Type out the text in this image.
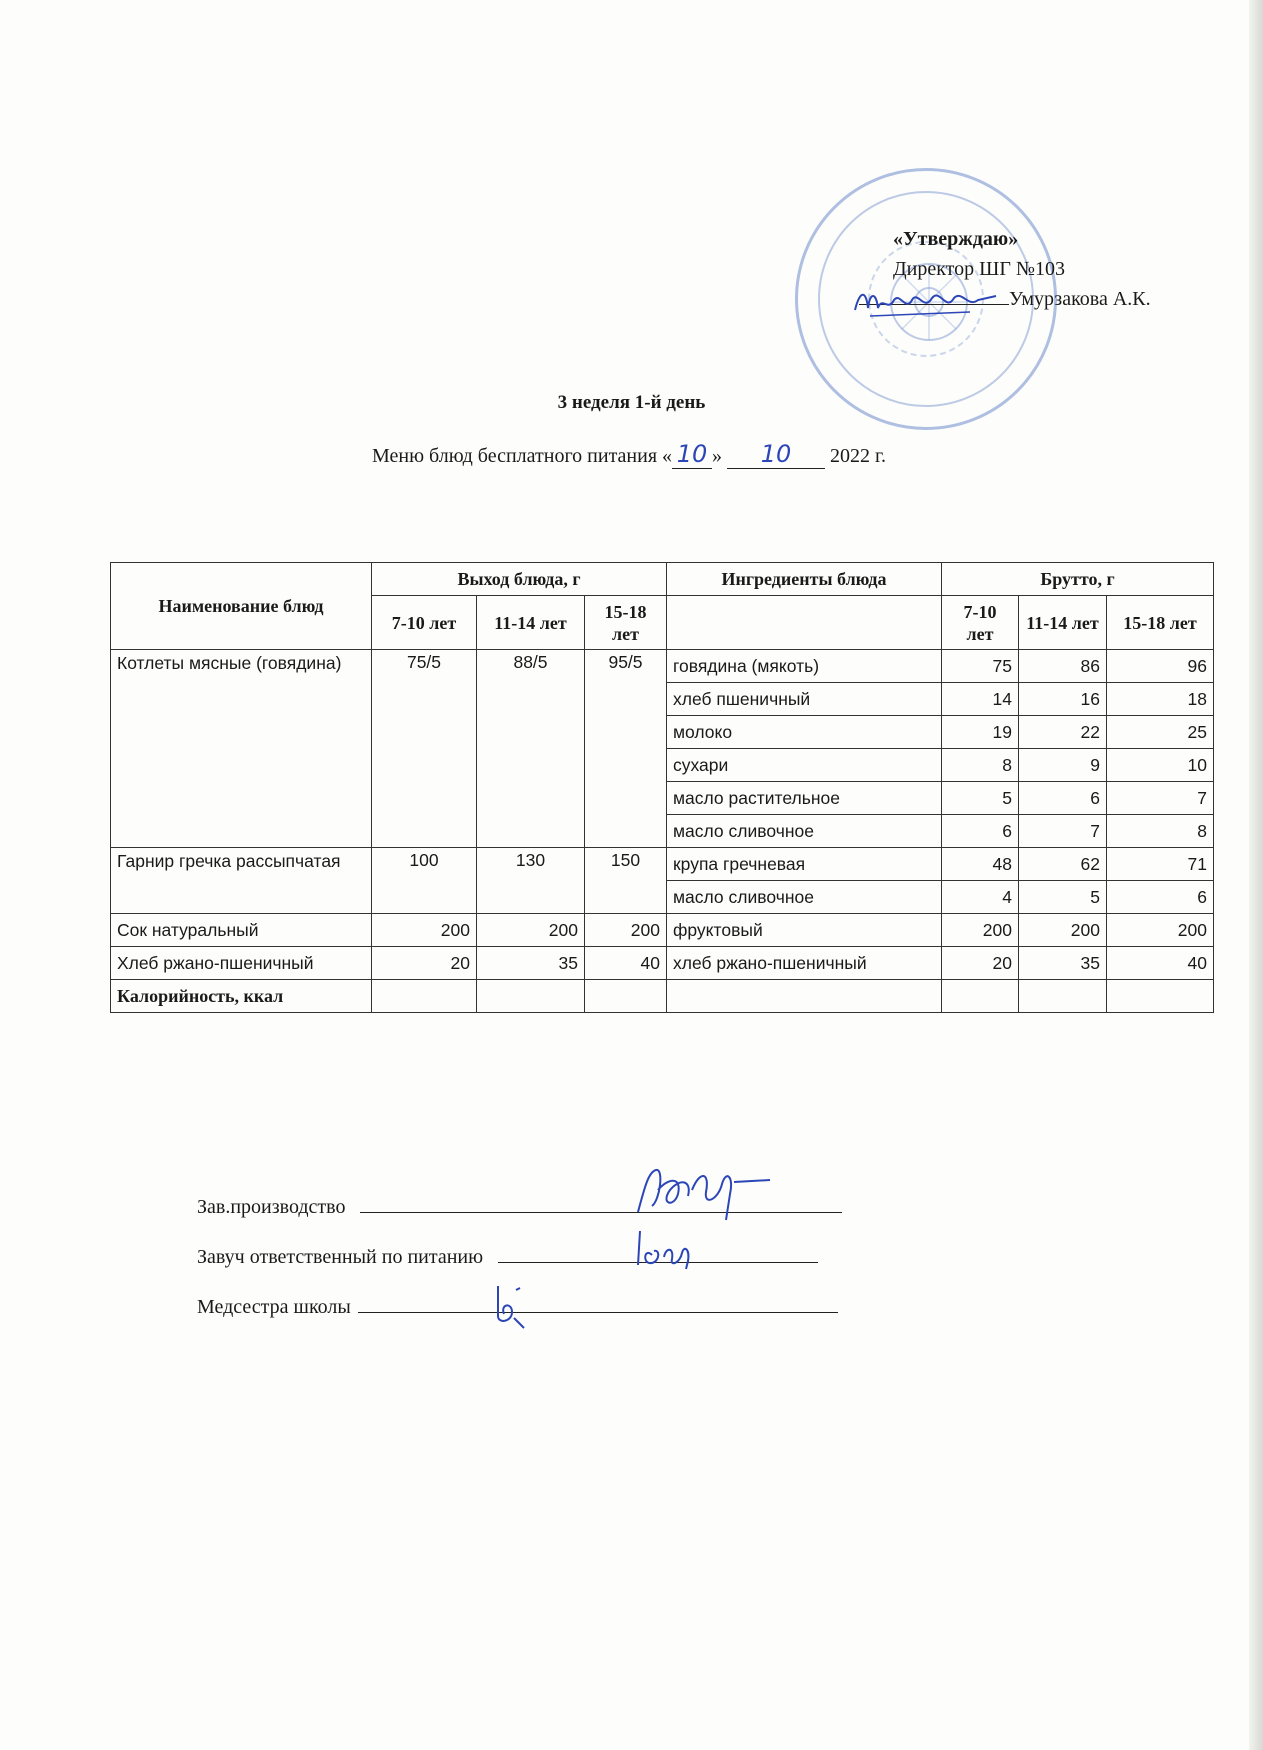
«Утверждаю»
Директор ШГ №103
Умурзакова А.К.
3 неделя 1-й день
Меню блюд бесплатного питания « 10 » 10 2022 г.
Наименование блюд	Выход блюда, г			Ингредиенты блюда	Брутто, г		
	7-10 лет	11-14 лет	15-18 лет		7-10 лет	11-14 лет	15-18 лет
Котлеты мясные (говядина)	75/5	88/5	95/5	говядина (мякоть)	75	86	96
				хлеб пшеничный	14	16	18
				молоко	19	22	25
				сухари	8	9	10
				масло растительное	5	6	7
				масло сливочное	6	7	8
Гарнир гречка рассыпчатая	100	130	150	крупа гречневая	48	62	71
				масло сливочное	4	5	6
Сок натуральный	200	200	200	фруктовый	200	200	200
Хлеб ржано-пшеничный	20	35	40	хлеб ржано-пшеничный	20	35	40
Калорийность, ккал							
Зав.производство
Завуч ответственный по питанию
Медсестра школы
